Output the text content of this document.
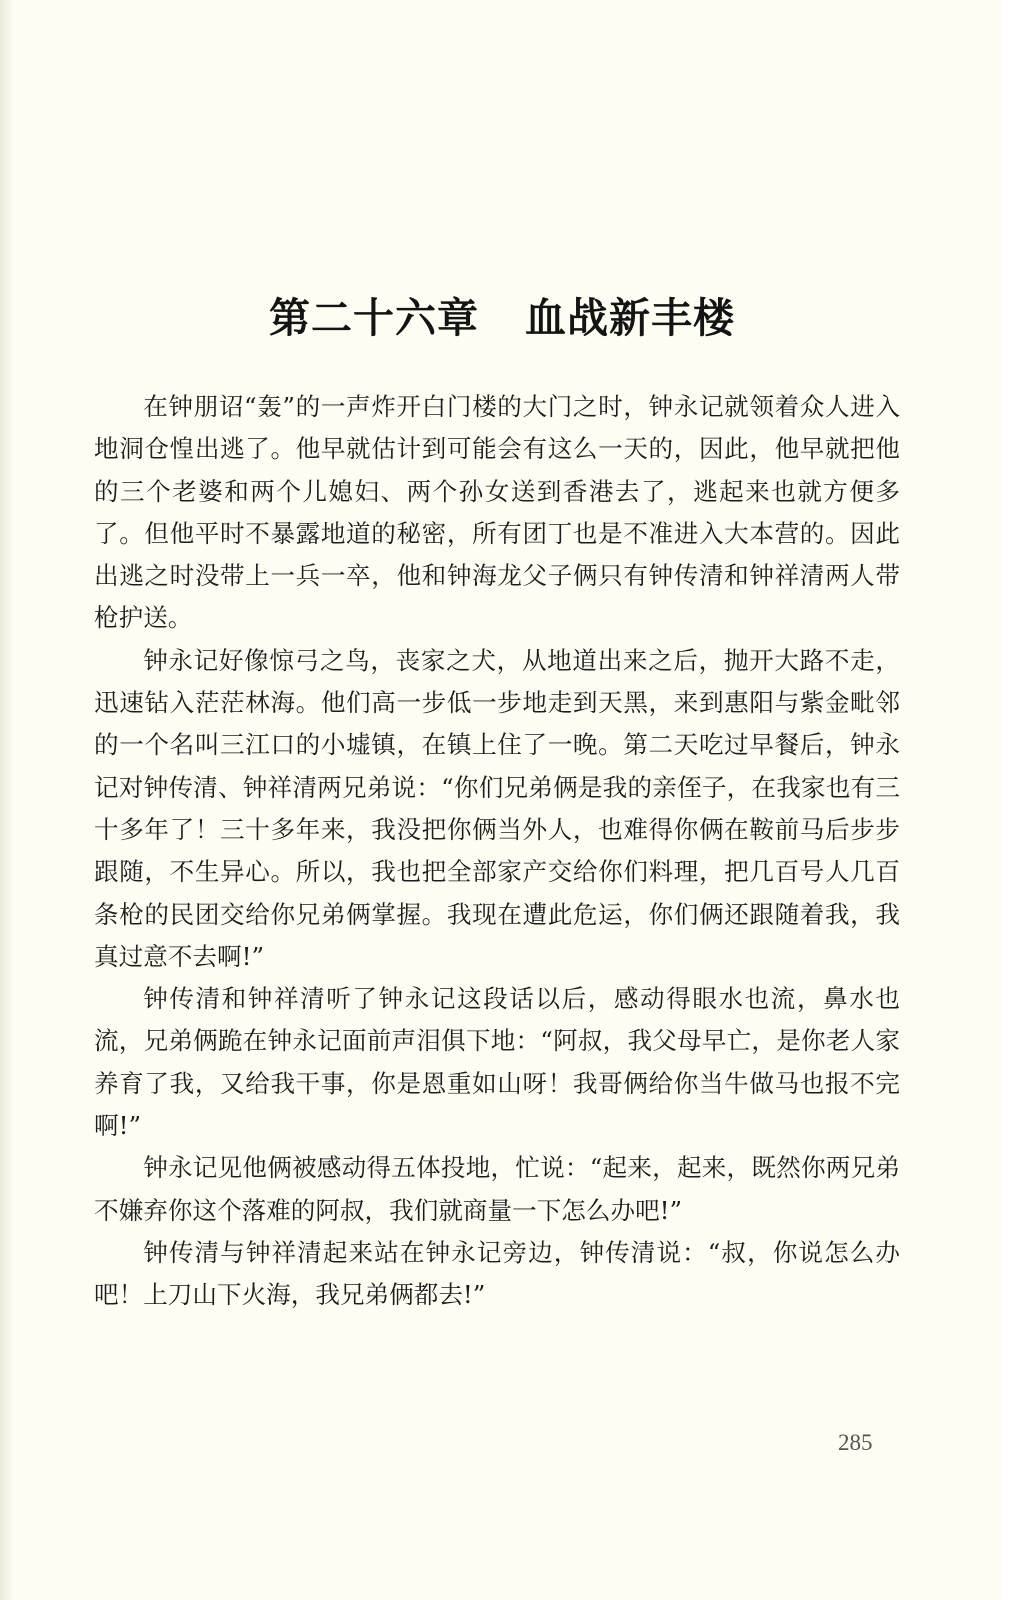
第二十六章 血战新丰楼

在钟朋诏“轰”的一声炸开白门楼的大门之时，钟永记就领着众人进入地洞仓惶出逃了。他早就估计到可能会有这么一天的，因此，他早就把他的三个老婆和两个儿媳妇、两个孙女送到香港去了，逃起来也就方便多了。但他平时不暴露地道的秘密，所有团丁也是不准进入大本营的。因此出逃之时没带上一兵一卒，他和钟海龙父子俩只有钟传清和钟祥清两人带枪护送。

钟永记好像惊弓之鸟，丧家之犬，从地道出来之后，抛开大路不走，迅速钻入茫茫林海。他们高一步低一步地走到天黑，来到惠阳与紫金毗邻的一个名叫三江口的小墟镇，在镇上住了一晚。第二天吃过早餐后，钟永记对钟传清、钟祥清两兄弟说：“你们兄弟俩是我的亲侄子，在我家也有三十多年了！三十多年来，我没把你俩当外人，也难得你俩在鞍前马后步步跟随，不生异心。所以，我也把全部家产交给你们料理，把几百号人几百条枪的民团交给你兄弟俩掌握。我现在遭此危运，你们俩还跟随着我，我真过意不去啊!”

钟传清和钟祥清听了钟永记这段话以后，感动得眼水也流，鼻水也流，兄弟俩跪在钟永记面前声泪俱下地：“阿叔，我父母早亡，是你老人家养育了我，又给我干事，你是恩重如山呀！我哥俩给你当牛做马也报不完啊!”

钟永记见他俩被感动得五体投地，忙说：“起来，起来，既然你两兄弟不嫌弃你这个落难的阿叔，我们就商量一下怎么办吧!”

钟传清与钟祥清起来站在钟永记旁边，钟传清说：“叔，你说怎么办吧！上刀山下火海，我兄弟俩都去!”

285
